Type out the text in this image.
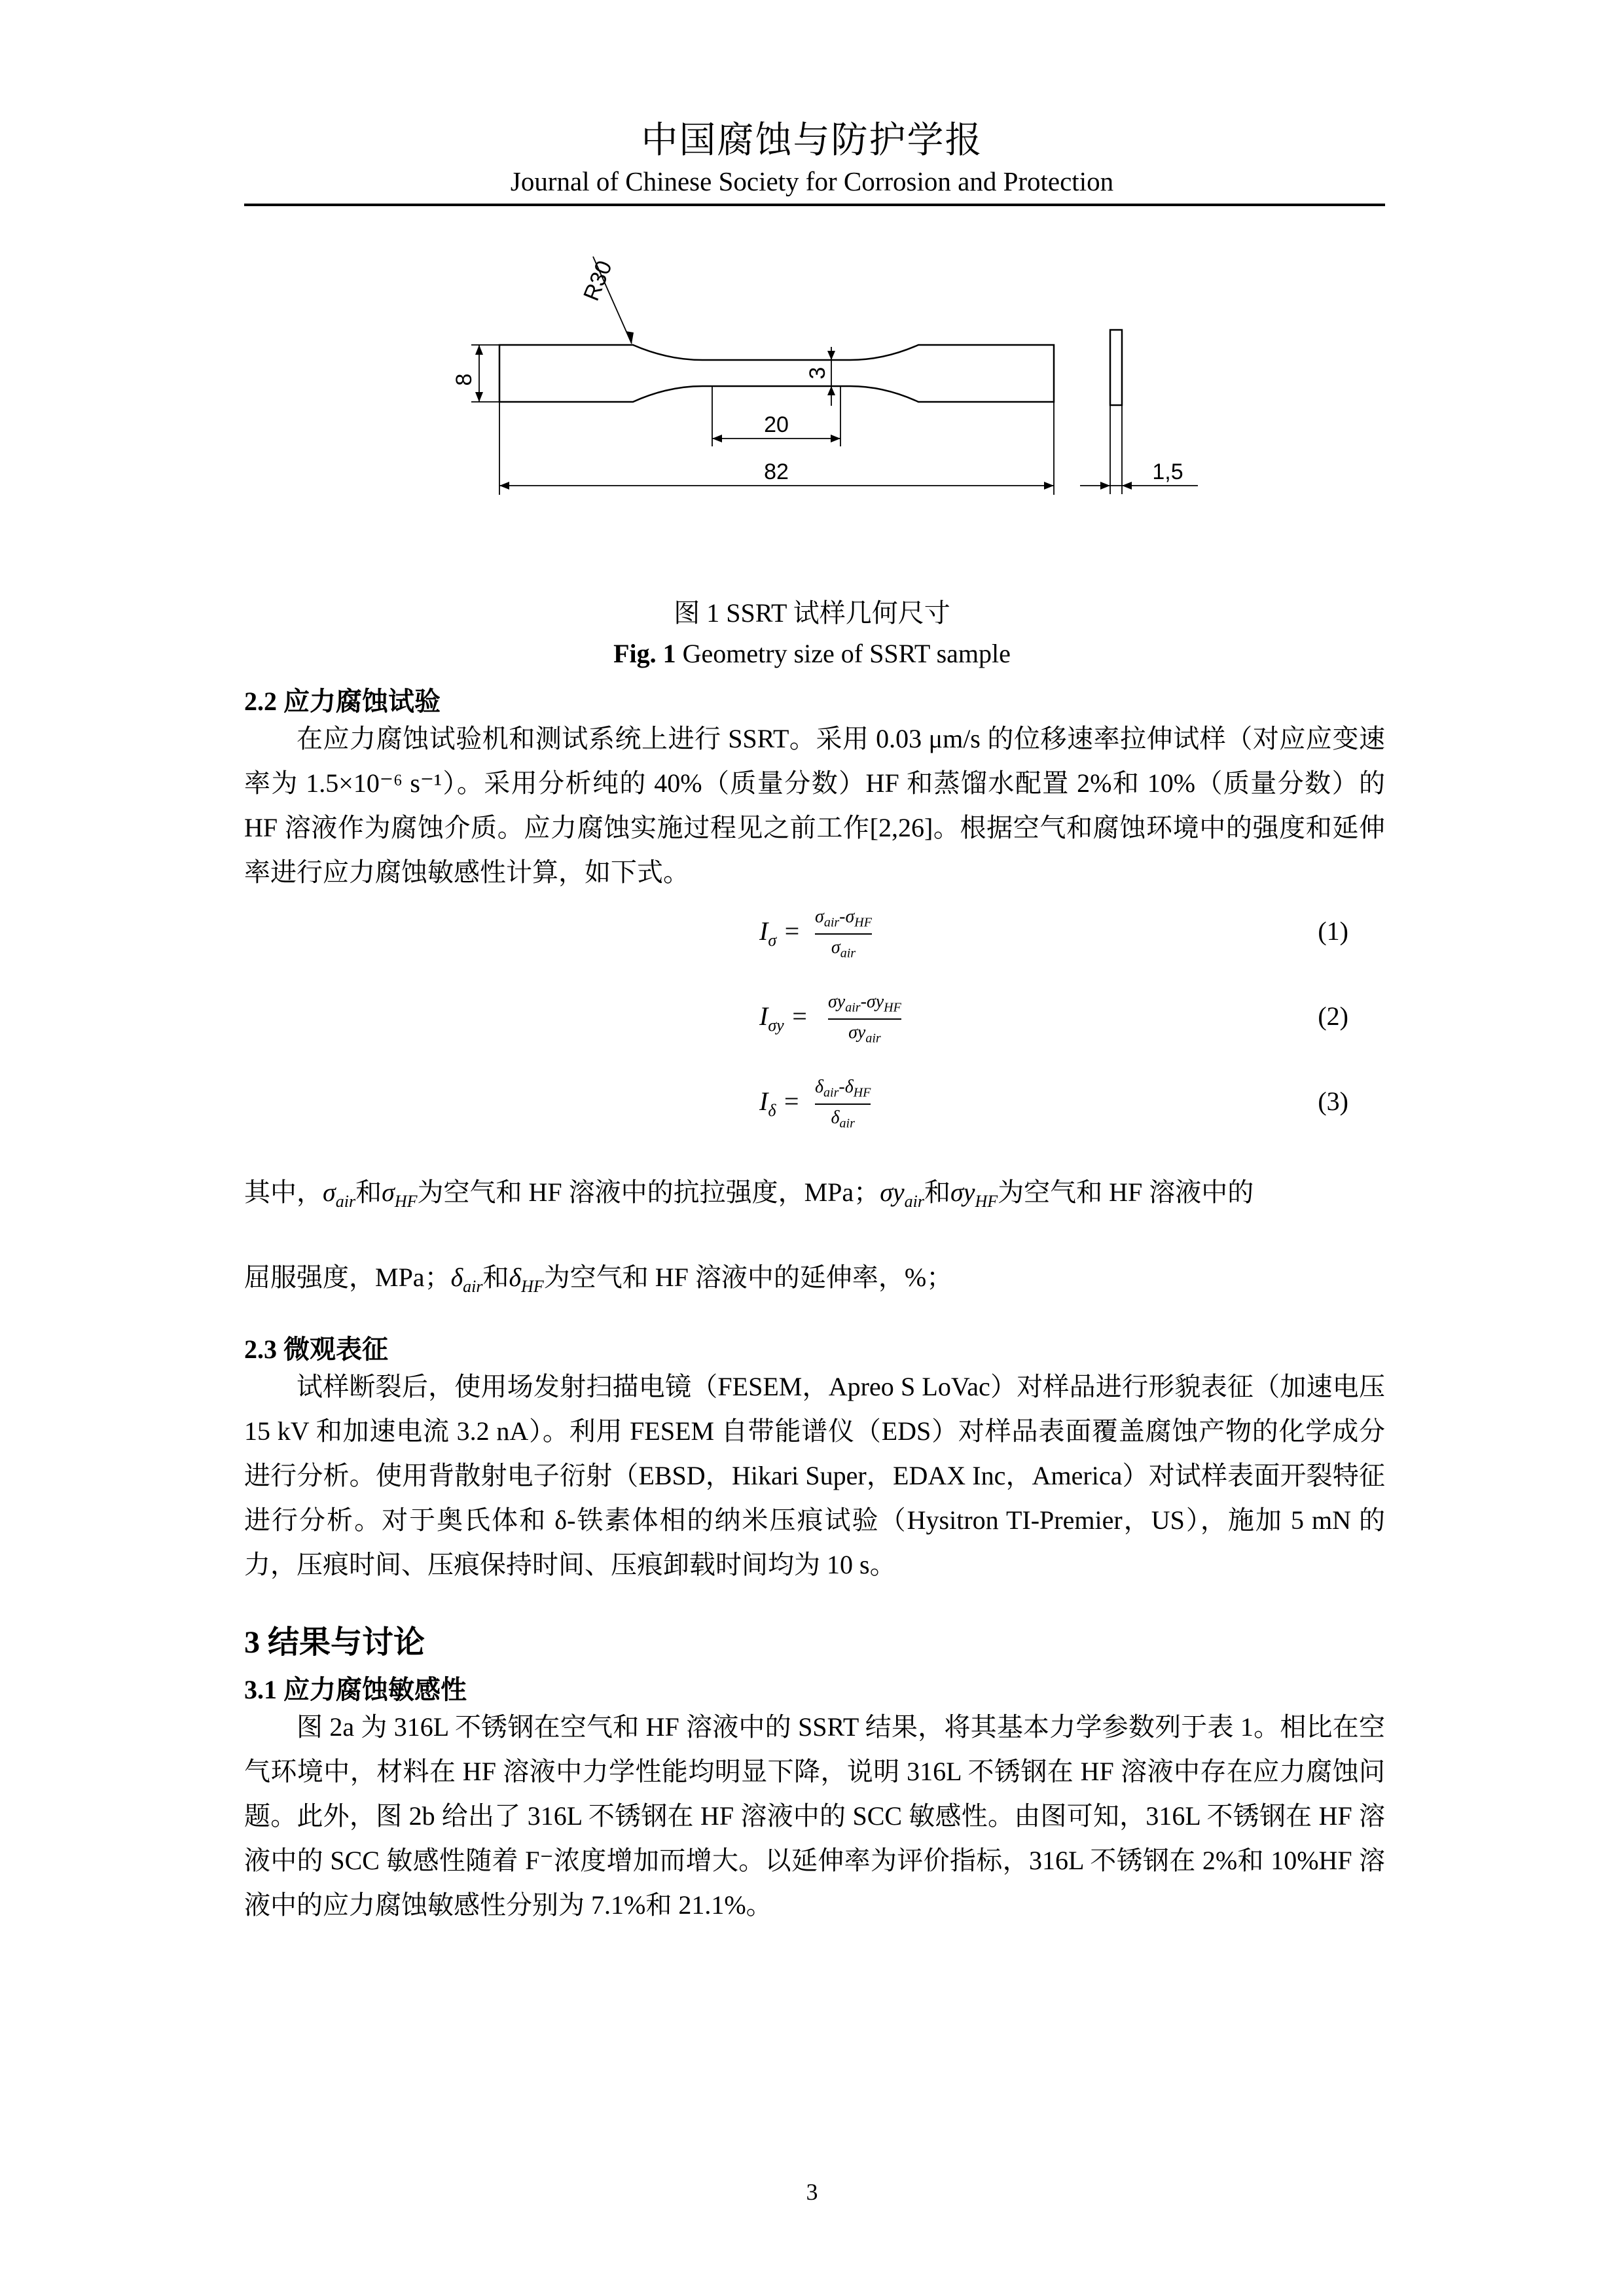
中国腐蚀与防护学报
Journal of Chinese Society for Corrosion and Protection
R30
8
3
20
82	1,5
图 1 SSRT 试样几何尺寸
Fig. 1 Geometry size of SSRT sample
2.2 应力腐蚀试验

在应力腐蚀试验机和测试系统上进行 SSRT。采用 0.03 μm/s 的位移速率拉伸试样（对应应变速率为 1.5×10⁻⁶ s⁻¹）。采用分析纯的 40%（质量分数）HF 和蒸馏水配置 2%和 10%（质量分数）的 HF 溶液作为腐蚀介质。应力腐蚀实施过程见之前工作[2,26]。根据空气和腐蚀环境中的强度和延伸率进行应力腐蚀敏感性计算，如下式。

$I_\sigma = \sigma_{air}-\sigma_{HF}$
$\sigma_{air}$
(1)
$I_{\sigma y} = \sigma y_{air}-\sigma y_{HF}$
$\sigma y_{air}$
(2)
$I_\delta = \delta_{air}-\delta_{HF}$
$\delta_{air}$
(3)
其中，$\sigma_{air}$和$\sigma_{HF}$为空气和 HF 溶液中的抗拉强度，MPa；$\sigma y_{air}$和$\sigma y_{HF}$为空气和 HF 溶液中的
屈服强度，MPa；$\delta_{air}$和$\delta_{HF}$为空气和 HF 溶液中的延伸率，%；
2.3 微观表征

试样断裂后，使用场发射扫描电镜（FESEM，Apreo S LoVac）对样品进行形貌表征（加速电压 15 kV 和加速电流 3.2 nA）。利用 FESEM 自带能谱仪（EDS）对样品表面覆盖腐蚀产物的化学成分进行分析。使用背散射电子衍射（EBSD，Hikari Super，EDAX Inc，America）对试样表面开裂特征进行分析。对于奥氏体和 δ-铁素体相的纳米压痕试验（Hysitron TI-Premier，US），施加 5 mN 的力，压痕时间、压痕保持时间、压痕卸载时间均为 10 s。

3 结果与讨论
3.1 应力腐蚀敏感性

图 2a 为 316L 不锈钢在空气和 HF 溶液中的 SSRT 结果，将其基本力学参数列于表 1。相比在空气环境中，材料在 HF 溶液中力学性能均明显下降，说明 316L 不锈钢在 HF 溶液中存在应力腐蚀问题。此外，图 2b 给出了 316L 不锈钢在 HF 溶液中的 SCC 敏感性。由图可知，316L 不锈钢在 HF 溶液中的 SCC 敏感性随着 F⁻浓度增加而增大。以延伸率为评价指标，316L 不锈钢在 2%和 10%HF 溶液中的应力腐蚀敏感性分别为 7.1%和 21.1%。

3
